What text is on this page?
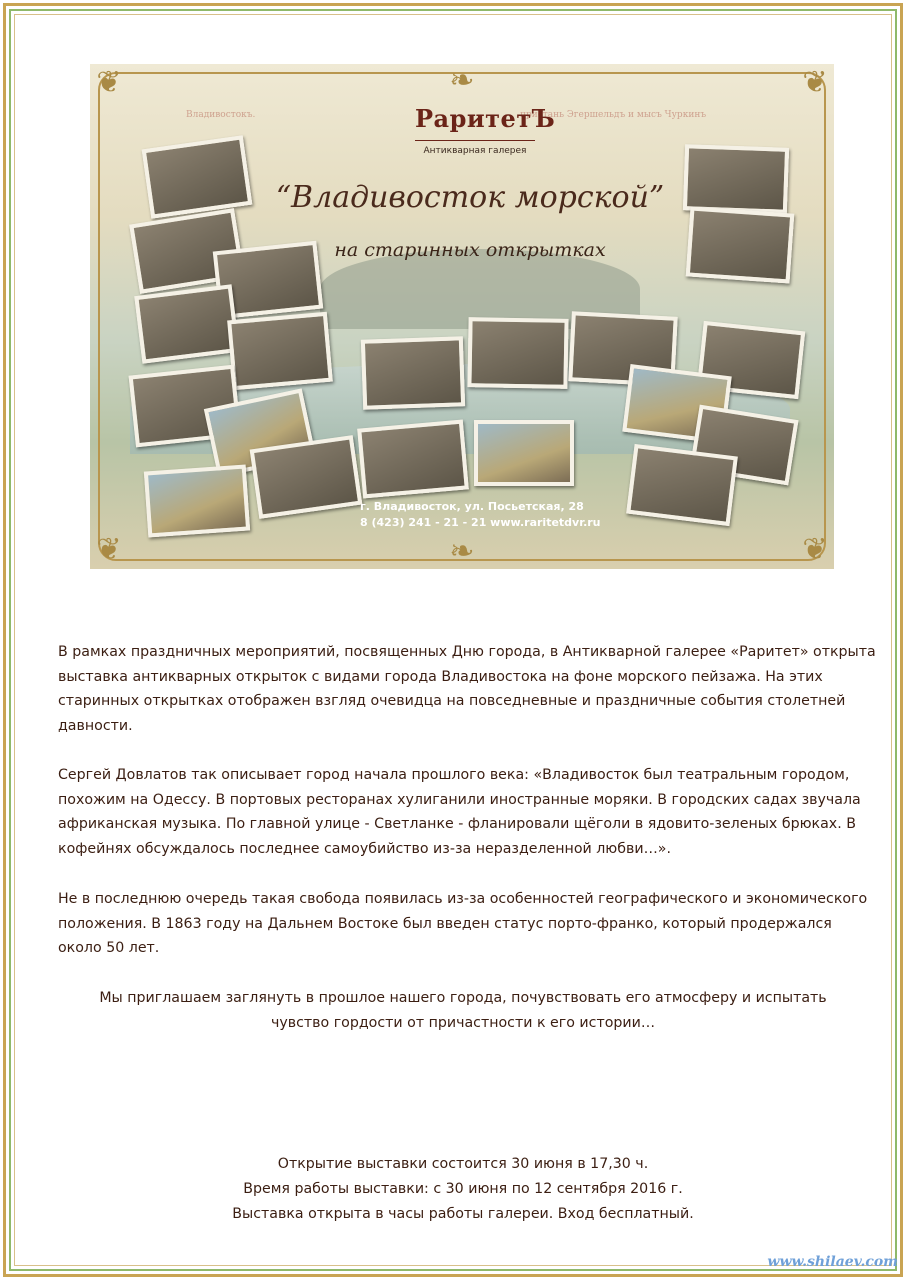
Владивостокъ.	пристань Эгершельдъ и мысъ Чуркинъ
РаритетЪ
Антикварная галерея
“Владивосток морской”
на старинных открытках
г. Владивосток, ул. Посьетская, 28
8 (423) 241 - 21 - 21 www.raritetdvr.ru
❦	❦
❦	❦
❧
❧
В рамках праздничных мероприятий, посвященных Дню города, в Антикварной галерее «Раритет» открыта выставка антикварных открыток с видами города Владивостока на фоне морского пейзажа. На этих старинных открытках отображен взгляд очевидца на повседневные и праздничные события столетней давности.
Сергей Довлатов так описывает город начала прошлого века: «Владивосток был театральным городом, похожим на Одессу. В портовых ресторанах хулиганили иностранные моряки. В городских садах звучала африканская музыка. По главной улице - Светланке - фланировали щёголи в ядовито-зеленых брюках. В кофейнях обсуждалось последнее самоубийство из-за неразделенной любви…».
Не в последнюю очередь такая свобода появилась из-за особенностей географического и экономического положения. В 1863 году на Дальнем Востоке был введен статус порто-франко, который продержался около 50 лет.
Мы приглашаем заглянуть в прошлое нашего города, почувствовать его атмосферу и испытать
чувство гордости от причастности к его истории…
Открытие выставки состоится 30 июня в 17,30 ч.
Время работы выставки: с 30 июня по 12 сентября 2016 г.
Выставка открыта в часы работы галереи. Вход бесплатный.
www.shilaev.com
